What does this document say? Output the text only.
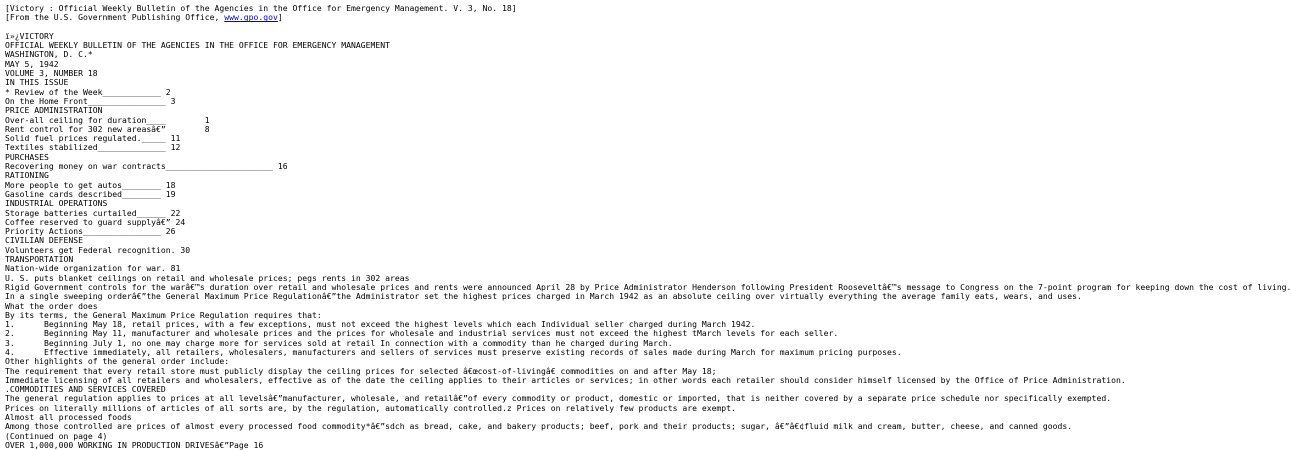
[Victory : Official Weekly Bulletin of the Agencies in the Office for Emergency Management. V. 3, No. 18]
[From the U.S. Government Publishing Office, www.gpo.gov]

ï»¿VICTORY
OFFICIAL WEEKLY BULLETIN OF THE AGENCIES IN THE OFFICE FOR EMERGENCY MANAGEMENT
WASHINGTON, D. C.*
MAY 5, 1942
VOLUME 3, NUMBER 18
IN THIS ISSUE
* Review of the Week____________ 2
On the Home Front________________ 3
PRICE ADMINISTRATION
Over-all ceiling for duration____        1
Rent control for 302 new areasâ€”        8
Solid fuel prices regulated._____ 11
Textiles stabilized______________ 12
PURCHASES
Recovering money on war contracts______________________ 16
RATIONING
More people to get autos________ 18
Gasoline cards described________ 19
INDUSTRIAL OPERATIONS
Storage batteries curtailed______ 22
Coffee reserved to guard supplyâ€” 24
Priority Actions________________ 26
CIVILIAN DEFENSE
Volunteers get Federal recognition. 30
TRANSPORTATION
Nation-wide organization for war. 81
U. S. puts blanket ceilings on retail and wholesale prices; pegs rents in 302 areas
Rigid Government controls for the warâ€™s duration over retail and wholesale prices and rents were announced April 28 by Price Administrator Henderson following President Rooseveltâ€™s message to Congress on the 7-point program for keeping down the cost of living.
In a single sweeping orderâ€”the General Maximum Price Regulationâ€”the Administrator set the highest prices charged in March 1942 as an absolute ceiling over virtually everything the average family eats, wears, and uses.
What the order does
By its terms, the General Maximum Price Regulation requires that:
1.      Beginning May 18, retail prices, with a few exceptions, must not exceed the highest levels which each Individual seller charged during March 1942.
2.      Beginning May 11, manufacturer and wholesale prices and the prices for wholesale and industrial services must not exceed the highest tMarch levels for each seller.
3.      Beginning July 1, no one may charge more for services sold at retail In connection with a commodity than he charged during March.
4.      Effective immediately, all retailers, wholesalers, manufacturers and sellers of services must preserve existing records of sales made during March for maximum pricing purposes.
Other highlights of the general order include:
The requirement that every retail store must publicly display the ceiling prices for selected â€œcost-of-livingâ€ commodities on and after May 18;
Immediate licensing of all retailers and wholesalers, effective as of the date the ceiling applies to their articles or services; in other words each retailer should consider himself licensed by the Office of Price Administration.
.COMMODITIES AND SERVICES COVERED
The general regulation applies to prices at all levelsâ€”manufacturer, wholesale, and retailâ€”of every commodity or product, domestic or imported, that is neither covered by a separate price schedule nor specifically exempted.
Prices on literally millions of articles of all sorts are, by the regulation, automatically controlled.z Prices on relatively few products are exempt.
Almost all processed foods
Among those controlled are prices of almost every processed food commodity*â€”sdch as bread, cake, and bakery products; beef, pork and their products; sugar, â€”â€¢fluid milk and cream, butter, cheese, and canned goods.
(Continued on page 4)
OVER 1,000,000 WORKING IN PRODUCTION DRIVESâ€”Page 16
